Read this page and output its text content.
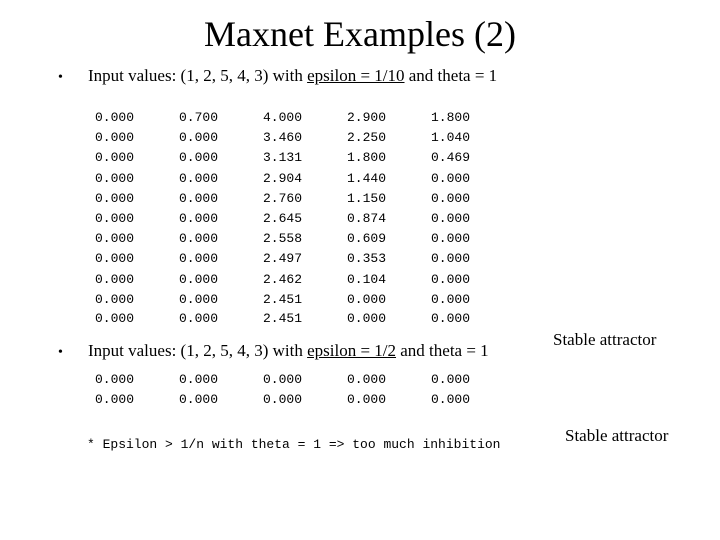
Maxnet Examples (2)
• Input values: (1, 2, 5, 4, 3) with epsilon = 1/10 and theta = 1
0.000	0.700	4.000	2.900	1.800
0.000	0.000	3.460	2.250	1.040
0.000	0.000	3.131	1.800	0.469
0.000	0.000	2.904	1.440	0.000
0.000	0.000	2.760	1.150	0.000
0.000	0.000	2.645	0.874	0.000
0.000	0.000	2.558	0.609	0.000
0.000	0.000	2.497	0.353	0.000
0.000	0.000	2.462	0.104	0.000
0.000	0.000	2.451	0.000	0.000
0.000	0.000	2.451	0.000	0.000
• Input values: (1, 2, 5, 4, 3) with epsilon = 1/2 and theta = 1
Stable attractor
0.000	0.000	0.000	0.000	0.000
0.000	0.000	0.000	0.000	0.000
* Epsilon > 1/n with theta = 1 => too much inhibition	Stable attractor
